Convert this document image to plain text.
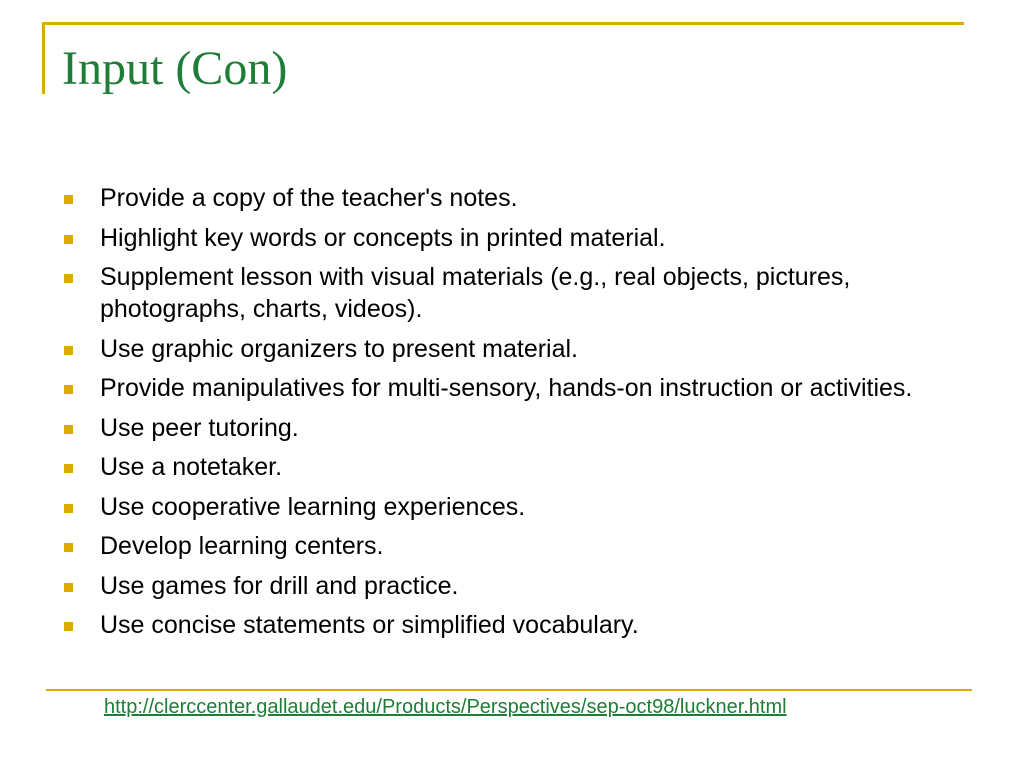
Input (Con)
Provide a copy of the teacher's notes.
Highlight key words or concepts in printed material.
Supplement lesson with visual materials (e.g., real objects, pictures, photographs, charts, videos).
Use graphic organizers to present material.
Provide manipulatives for multi-sensory, hands-on instruction or activities.
Use peer tutoring.
Use a notetaker.
Use cooperative learning experiences.
Develop learning centers.
Use games for drill and practice.
Use concise statements or simplified vocabulary.
http://clerccenter.gallaudet.edu/Products/Perspectives/sep-oct98/luckner.html
